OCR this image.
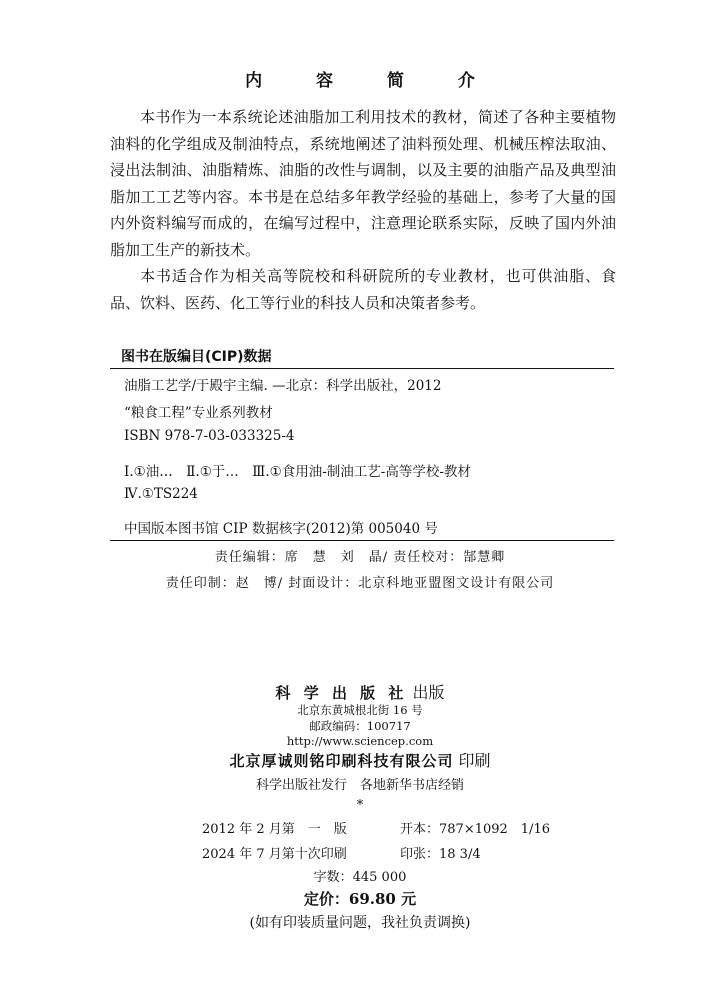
内 容 简 介

本书作为一本系统论述油脂加工利用技术的教材，简述了各种主要植物油料的化学组成及制油特点，系统地阐述了油料预处理、机械压榨法取油、浸出法制油、油脂精炼、油脂的改性与调制，以及主要的油脂产品及典型油脂加工工艺等内容。本书是在总结多年教学经验的基础上，参考了大量的国内外资料编写而成的，在编写过程中，注意理论联系实际，反映了国内外油脂加工生产的新技术。

本书适合作为相关高等院校和科研院所的专业教材，也可供油脂、食品、饮料、医药、化工等行业的科技人员和决策者参考。

图书在版编目(CIP)数据
油脂工艺学/于殿宇主编. —北京：科学出版社，2012
“粮食工程”专业系列教材
ISBN 978-7-03-033325-4
Ⅰ.①油…　Ⅱ.①于…　Ⅲ.①食用油-制油工艺-高等学校-教材
Ⅳ.①TS224
中国版本图书馆 CIP 数据核字(2012)第 005040 号
责任编辑：席　慧　刘　晶/ 责任校对：郜慧卿
责任印制：赵　博/ 封面设计：北京科地亚盟图文设计有限公司
科 学 出 版 社 出版
北京东黄城根北街 16 号
邮政编码：100717
http://www.sciencep.com
北京厚诚则铭印刷科技有限公司 印刷
科学出版社发行　各地新华书店经销
*
2012 年 2 月第　一　版	开本：787×1092　1/16
2024 年 7 月第十次印刷	印张：18 3/4
字数：445 000
定价：69.80 元
(如有印装质量问题，我社负责调换)
